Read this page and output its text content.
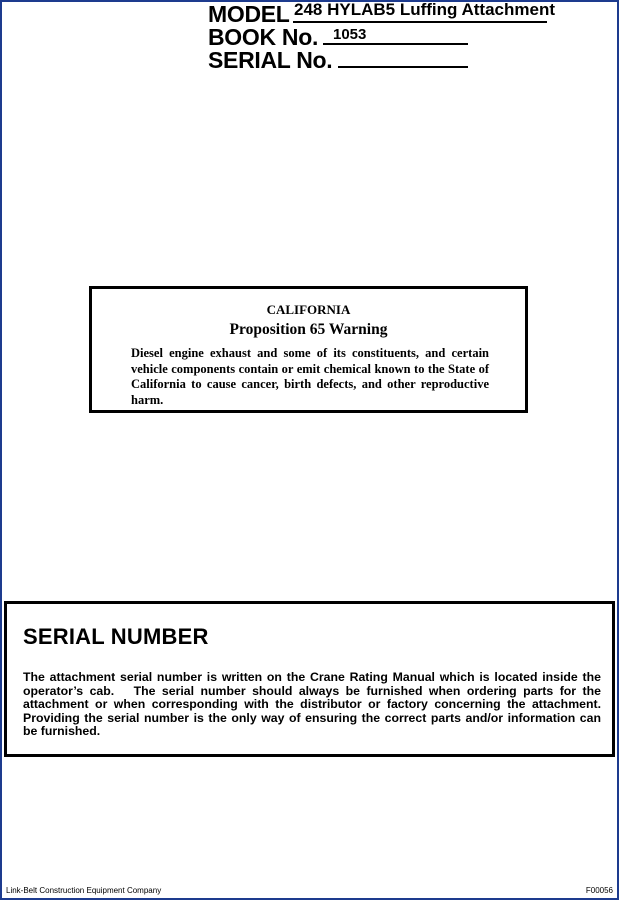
MODEL 248 HYLAB5 Luffing Attachment
BOOK No. 1053
SERIAL No.
CALIFORNIA
Proposition 65 Warning
Diesel engine exhaust and some of its constituents, and certain vehicle components contain or emit chemical known to the State of California to cause cancer, birth defects, and other reproductive harm.
SERIAL NUMBER
The attachment serial number is written on the Crane Rating Manual which is located inside the operator’s cab.   The serial number should always be furnished when ordering parts for the attachment or when corresponding with the distributor or factory concerning the attachment. Providing the serial number is the only way of ensuring the correct parts and/or information can be furnished.
Link-Belt Construction Equipment Company	F00056
